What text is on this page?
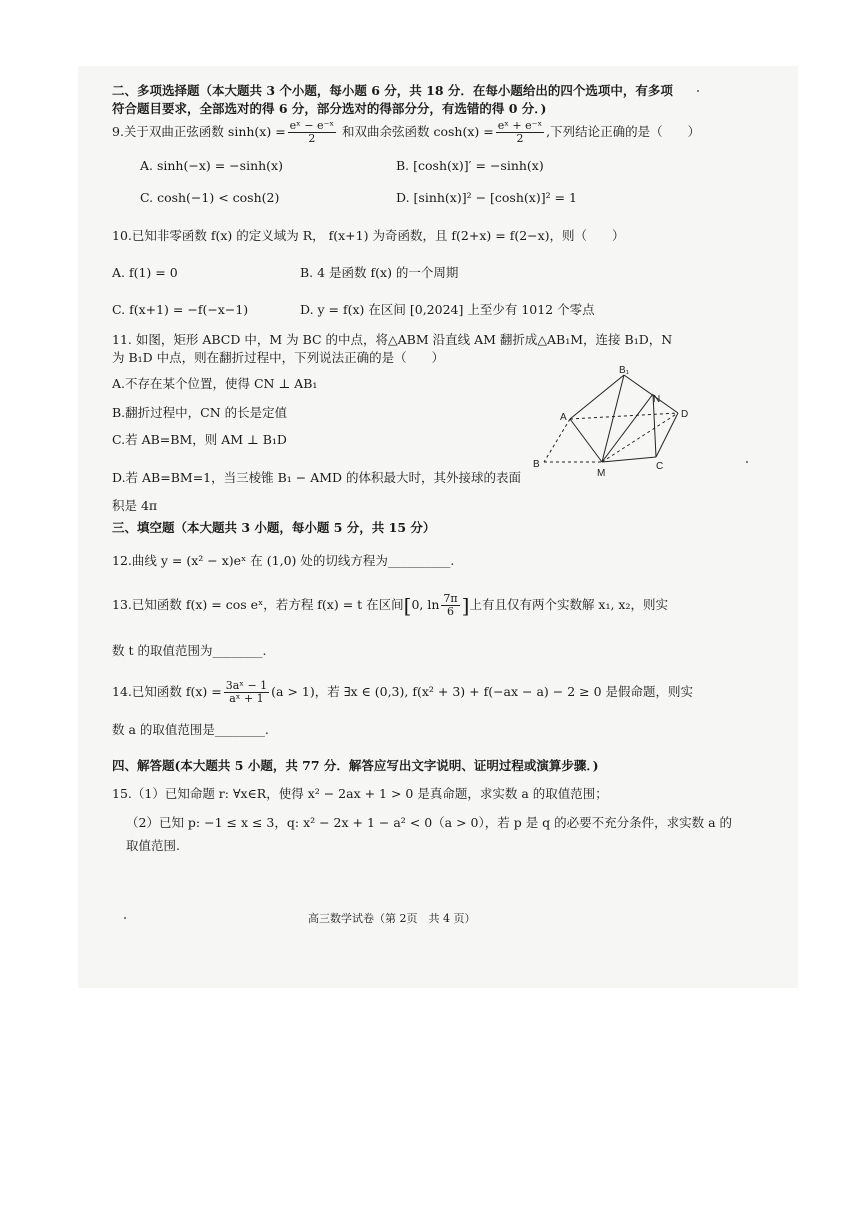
二、多项选择题（本大题共 3 个小题，每小题 6 分，共 18 分．在每小题给出的四个选项中，有多项
符合题目要求，全部选对的得 6 分，部分选对的得部分分，有选错的得 0 分．)
9.关于双曲正弦函数 $\sinh(x) = \frac{\text{eˣ − e⁻ˣ}}{2}$ 和双曲余弦函数 $\cosh(x) = \frac{\text{eˣ + e⁻ˣ}}{2}$ ,下列结论正确的是（　　）
A. sinh(−x) = −sinh(x)	B. [cosh(x)]′ = −sinh(x)
C. cosh(−1) < cosh(2)	D. [sinh(x)]² − [cosh(x)]² = 1
10.已知非零函数 f(x) 的定义域为 R， f(x+1) 为奇函数，且 f(2+x) = f(2−x)，则（　　）
A. f(1) = 0	B. 4 是函数 f(x) 的一个周期
C. f(x+1) = −f(−x−1)	D. y = f(x) 在区间 [0,2024] 上至少有 1012 个零点
11. 如图，矩形 ABCD 中，M 为 BC 的中点，将△ABM 沿直线 AM 翻折成△AB₁M，连接 B₁D，N
为 B₁D 中点，则在翻折过程中，下列说法正确的是（　　）
A.不存在某个位置，使得 CN ⊥ AB₁
B.翻折过程中，CN 的长是定值
C.若 AB=BM，则 AM ⊥ B₁D
D.若 AB=BM=1，当三棱锥 B₁ − AMD 的体积最大时，其外接球的表面
积是 4π
B₁
A
N
D
B
M
C
三、填空题（本大题共 3 小题，每小题 5 分，共 15 分）
12.曲线 y = (x² − x)eˣ 在 (1,0) 处的切线方程为__________.
13.已知函数 f(x) = cos eˣ，若方程 f(x) = t 在区间[0, $\ln \frac{7\pi}{6}$ ]上有且仅有两个实数解 x₁, x₂，则实
数 t 的取值范围为________.
14.已知函数 $f(x) = \frac{\text{3aˣ − 1}}{\text{aˣ + 1}} (a > 1)$，若 ∃x ∈ (0,3), f(x² + 3) + f(−ax − a) − 2 ≥ 0 是假命题，则实
数 a 的取值范围是________.
四、解答题(本大题共 5 小题，共 77 分．解答应写出文字说明、证明过程或演算步骤．)
15.（1）已知命题 r: ∀x∈R，使得 x² − 2ax + 1 > 0 是真命题，求实数 a 的取值范围；
（2）已知 p: −1 ≤ x ≤ 3，q: x² − 2x + 1 − a² < 0（a > 0），若 p 是 q 的必要不充分条件，求实数 a 的
取值范围.
高三数学试卷（第 2页　共 4 页）
